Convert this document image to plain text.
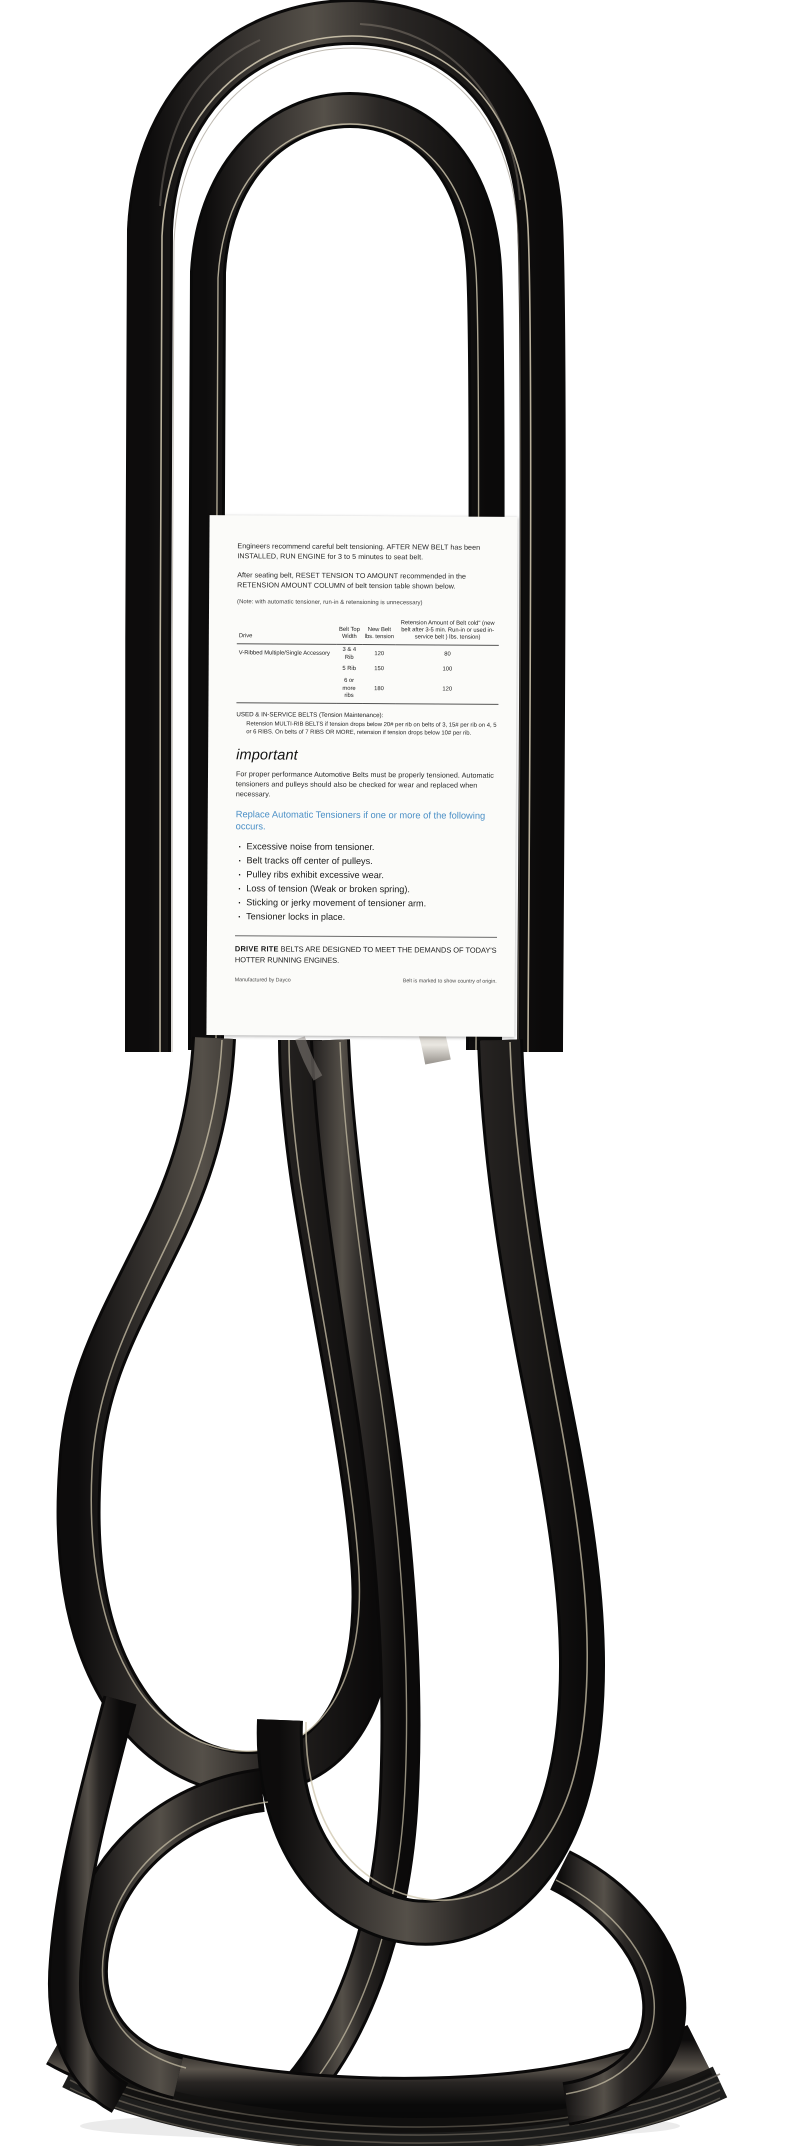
Engineers recommend careful belt tensioning. AFTER NEW BELT has been INSTALLED, RUN ENGINE for 3 to 5 minutes to seat belt.

After seating belt, RESET TENSION TO AMOUNT recommended in the RETENSION AMOUNT COLUMN of belt tension table shown below.

(Note: with automatic tensioner, run-in & retensioning is unnecessary)

Drive	Belt Top Width	New Belt lbs. tension	Retension Amount of Belt cold" (new belt after 3-5 min. Run-in or used in-service belt ) lbs. tension)
V-Ribbed Multiple/Single Accessory	3 & 4 Rib	120	80
	5 Rib	150	100
	6 or more ribs	180	120

USED & IN-SERVICE BELTS (Tension Maintenance):

Retension MULTI-RIB BELTS if tension drops below 20# per rib on belts of 3, 15# per rib on 4, 5 or 6 RIBS. On belts of 7 RIBS OR MORE, retension if tension drops below 10# per rib.

important

For proper performance Automotive Belts must be properly tensioned. Automatic tensioners and pulleys should also be checked for wear and replaced when necessary.

Replace Automatic Tensioners if one or more of the following occurs.

· Excessive noise from tensioner.
· Belt tracks off center of pulleys.
· Pulley ribs exhibit excessive wear.
· Loss of tension (Weak or broken spring).
· Sticking or jerky movement of tensioner arm.
· Tensioner locks in place.

DRIVE RITE BELTS ARE DESIGNED TO MEET THE DEMANDS OF TODAY'S HOTTER RUNNING ENGINES.

Manufactured by Dayco	Belt is marked to show country of origin.
